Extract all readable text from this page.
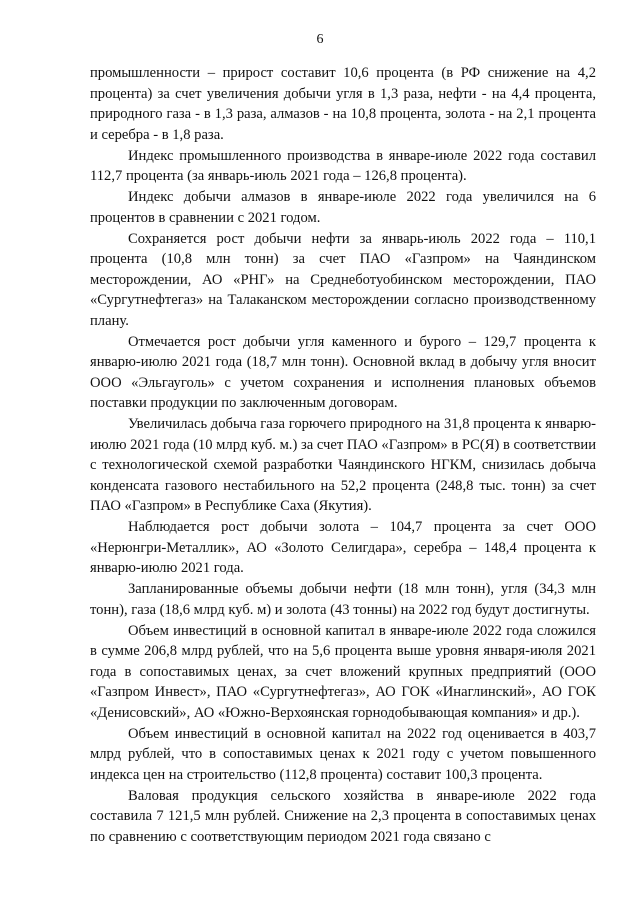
6

промышленности – прирост составит 10,6 процента (в РФ снижение на 4,2 процента) за счет увеличения добычи угля в 1,3 раза, нефти - на 4,4 процента, природного газа - в 1,3 раза, алмазов - на 10,8 процента, золота - на 2,1 процента и серебра - в 1,8 раза.

Индекс промышленного производства в январе-июле 2022 года составил 112,7 процента (за январь-июль 2021 года – 126,8 процента).

Индекс добычи алмазов в январе-июле 2022 года увеличился на 6 процентов в сравнении с 2021 годом.

Сохраняется рост добычи нефти за январь-июль 2022 года – 110,1 процента (10,8 млн тонн) за счет ПАО «Газпром» на Чаяндинском месторождении, АО «РНГ» на Среднеботуобинском месторождении, ПАО «Сургутнефтегаз» на Талаканском месторождении согласно производственному плану.

Отмечается рост добычи угля каменного и бурого – 129,7 процента к январю-июлю 2021 года (18,7 млн тонн). Основной вклад в добычу угля вносит ООО «Эльгауголь» с учетом сохранения и исполнения плановых объемов поставки продукции по заключенным договорам.

Увеличилась добыча газа горючего природного на 31,8 процента к январю-июлю 2021 года (10 млрд куб. м.) за счет ПАО «Газпром» в РС(Я) в соответствии с технологической схемой разработки Чаяндинского НГКМ, снизилась добыча конденсата газового нестабильного на 52,2 процента (248,8 тыс. тонн) за счет ПАО «Газпром» в Республике Саха (Якутия).

Наблюдается рост добычи золота – 104,7 процента за счет ООО «Нерюнгри-Металлик», АО «Золото Селигдара», серебра – 148,4 процента к январю-июлю 2021 года.

Запланированные объемы добычи нефти (18 млн тонн), угля (34,3 млн тонн), газа (18,6 млрд куб. м) и золота (43 тонны) на 2022 год будут достигнуты.

Объем инвестиций в основной капитал в январе-июле 2022 года сложился в сумме 206,8 млрд рублей, что на 5,6 процента выше уровня января-июля 2021 года в сопоставимых ценах, за счет вложений крупных предприятий (ООО «Газпром Инвест», ПАО «Сургутнефтегаз», АО ГОК «Инаглинский», АО ГОК «Денисовский», АО «Южно-Верхоянская горнодобывающая компания» и др.).

Объем инвестиций в основной капитал на 2022 год оценивается в 403,7 млрд рублей, что в сопоставимых ценах к 2021 году с учетом повышенного индекса цен на строительство (112,8 процента) составит 100,3 процента.

Валовая продукция сельского хозяйства в январе-июле 2022 года составила 7 121,5 млн рублей. Снижение на 2,3 процента в сопоставимых ценах по сравнению с соответствующим периодом 2021 года связано с
